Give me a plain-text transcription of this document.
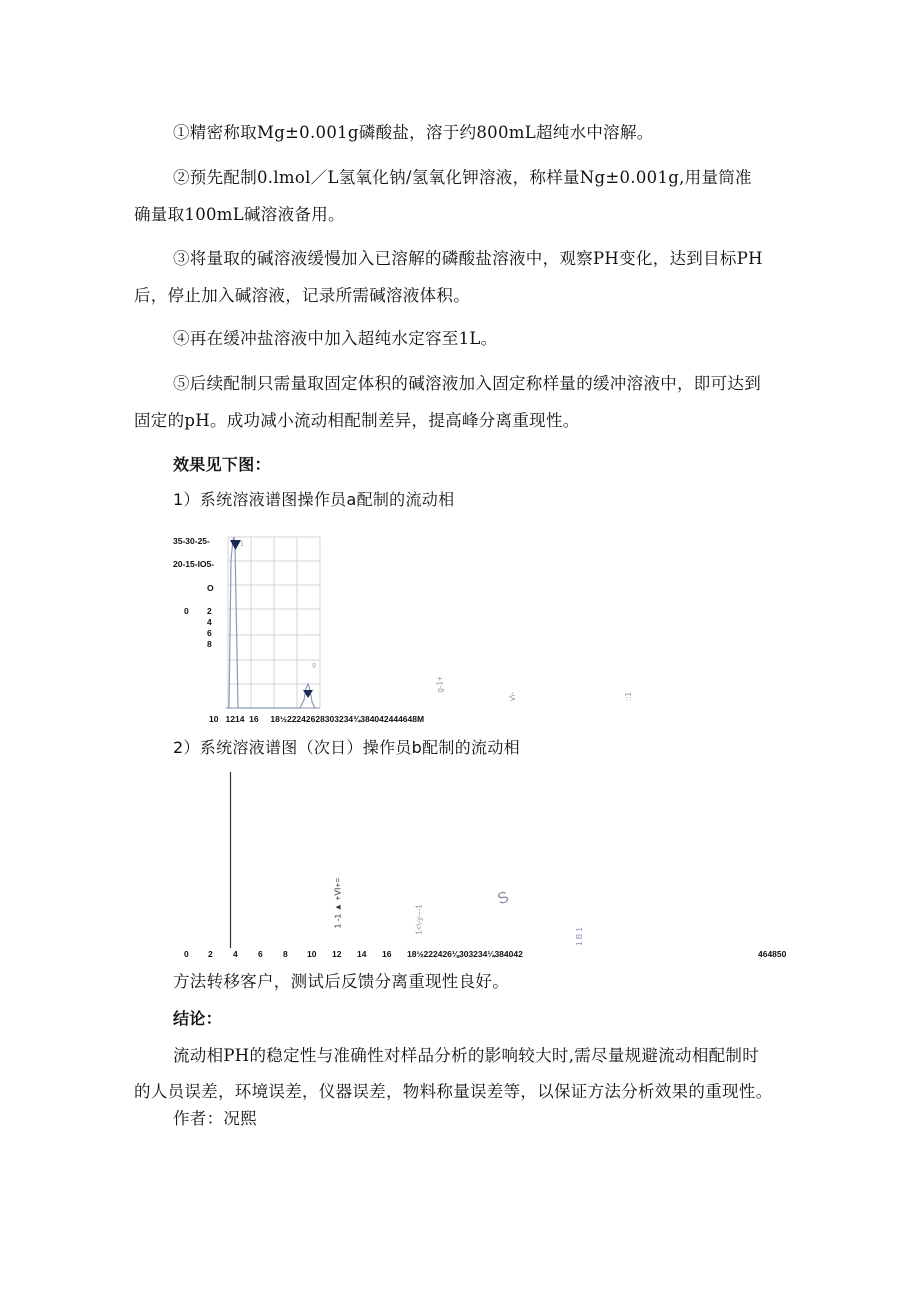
①精密称取Mg±0.001g磷酸盐，溶于约800mL超纯水中溶解。
②预先配制0.lmol／L氢氧化钠/氢氧化钾溶液，称样量Ng±0.001g,用量筒准
确量取100mL碱溶液备用。
③将量取的碱溶液缓慢加入已溶解的磷酸盐溶液中，观察PH变化，达到目标PH
后，停止加入碱溶液，记录所需碱溶液体积。
④再在缓冲盐溶液中加入超纯水定容至1L。
⑤后续配制只需量取固定体积的碱溶液加入固定称样量的缓冲溶液中，即可达到
固定的pH。成功减小流动相配制差异，提高峰分离重现性。
效果见下图：
1）系统溶液谱图操作员a配制的流动相
1
9
35-30-25-
20-15-IO5-
O
0 2
4
6
8
10   1214  16     18½22242628303234¾384042444648M
g-1+
v\-	::1
2）系统溶液谱图（次日）操作员b配制的流动相
0 2 4 6 8 10 12 14 16 18½222426⅛303234¼384042	464850
1 -1 ▲ +VI+=	1<\-y---1
S
1 B 1
方法转移客户，测试后反馈分离重现性良好。
结论：
流动相PH的稳定性与准确性对样品分析的影响较大时,需尽量规避流动相配制时
的人员误差，环境误差，仪器误差，物料称量误差等，以保证方法分析效果的重现性。
作者：况熙
